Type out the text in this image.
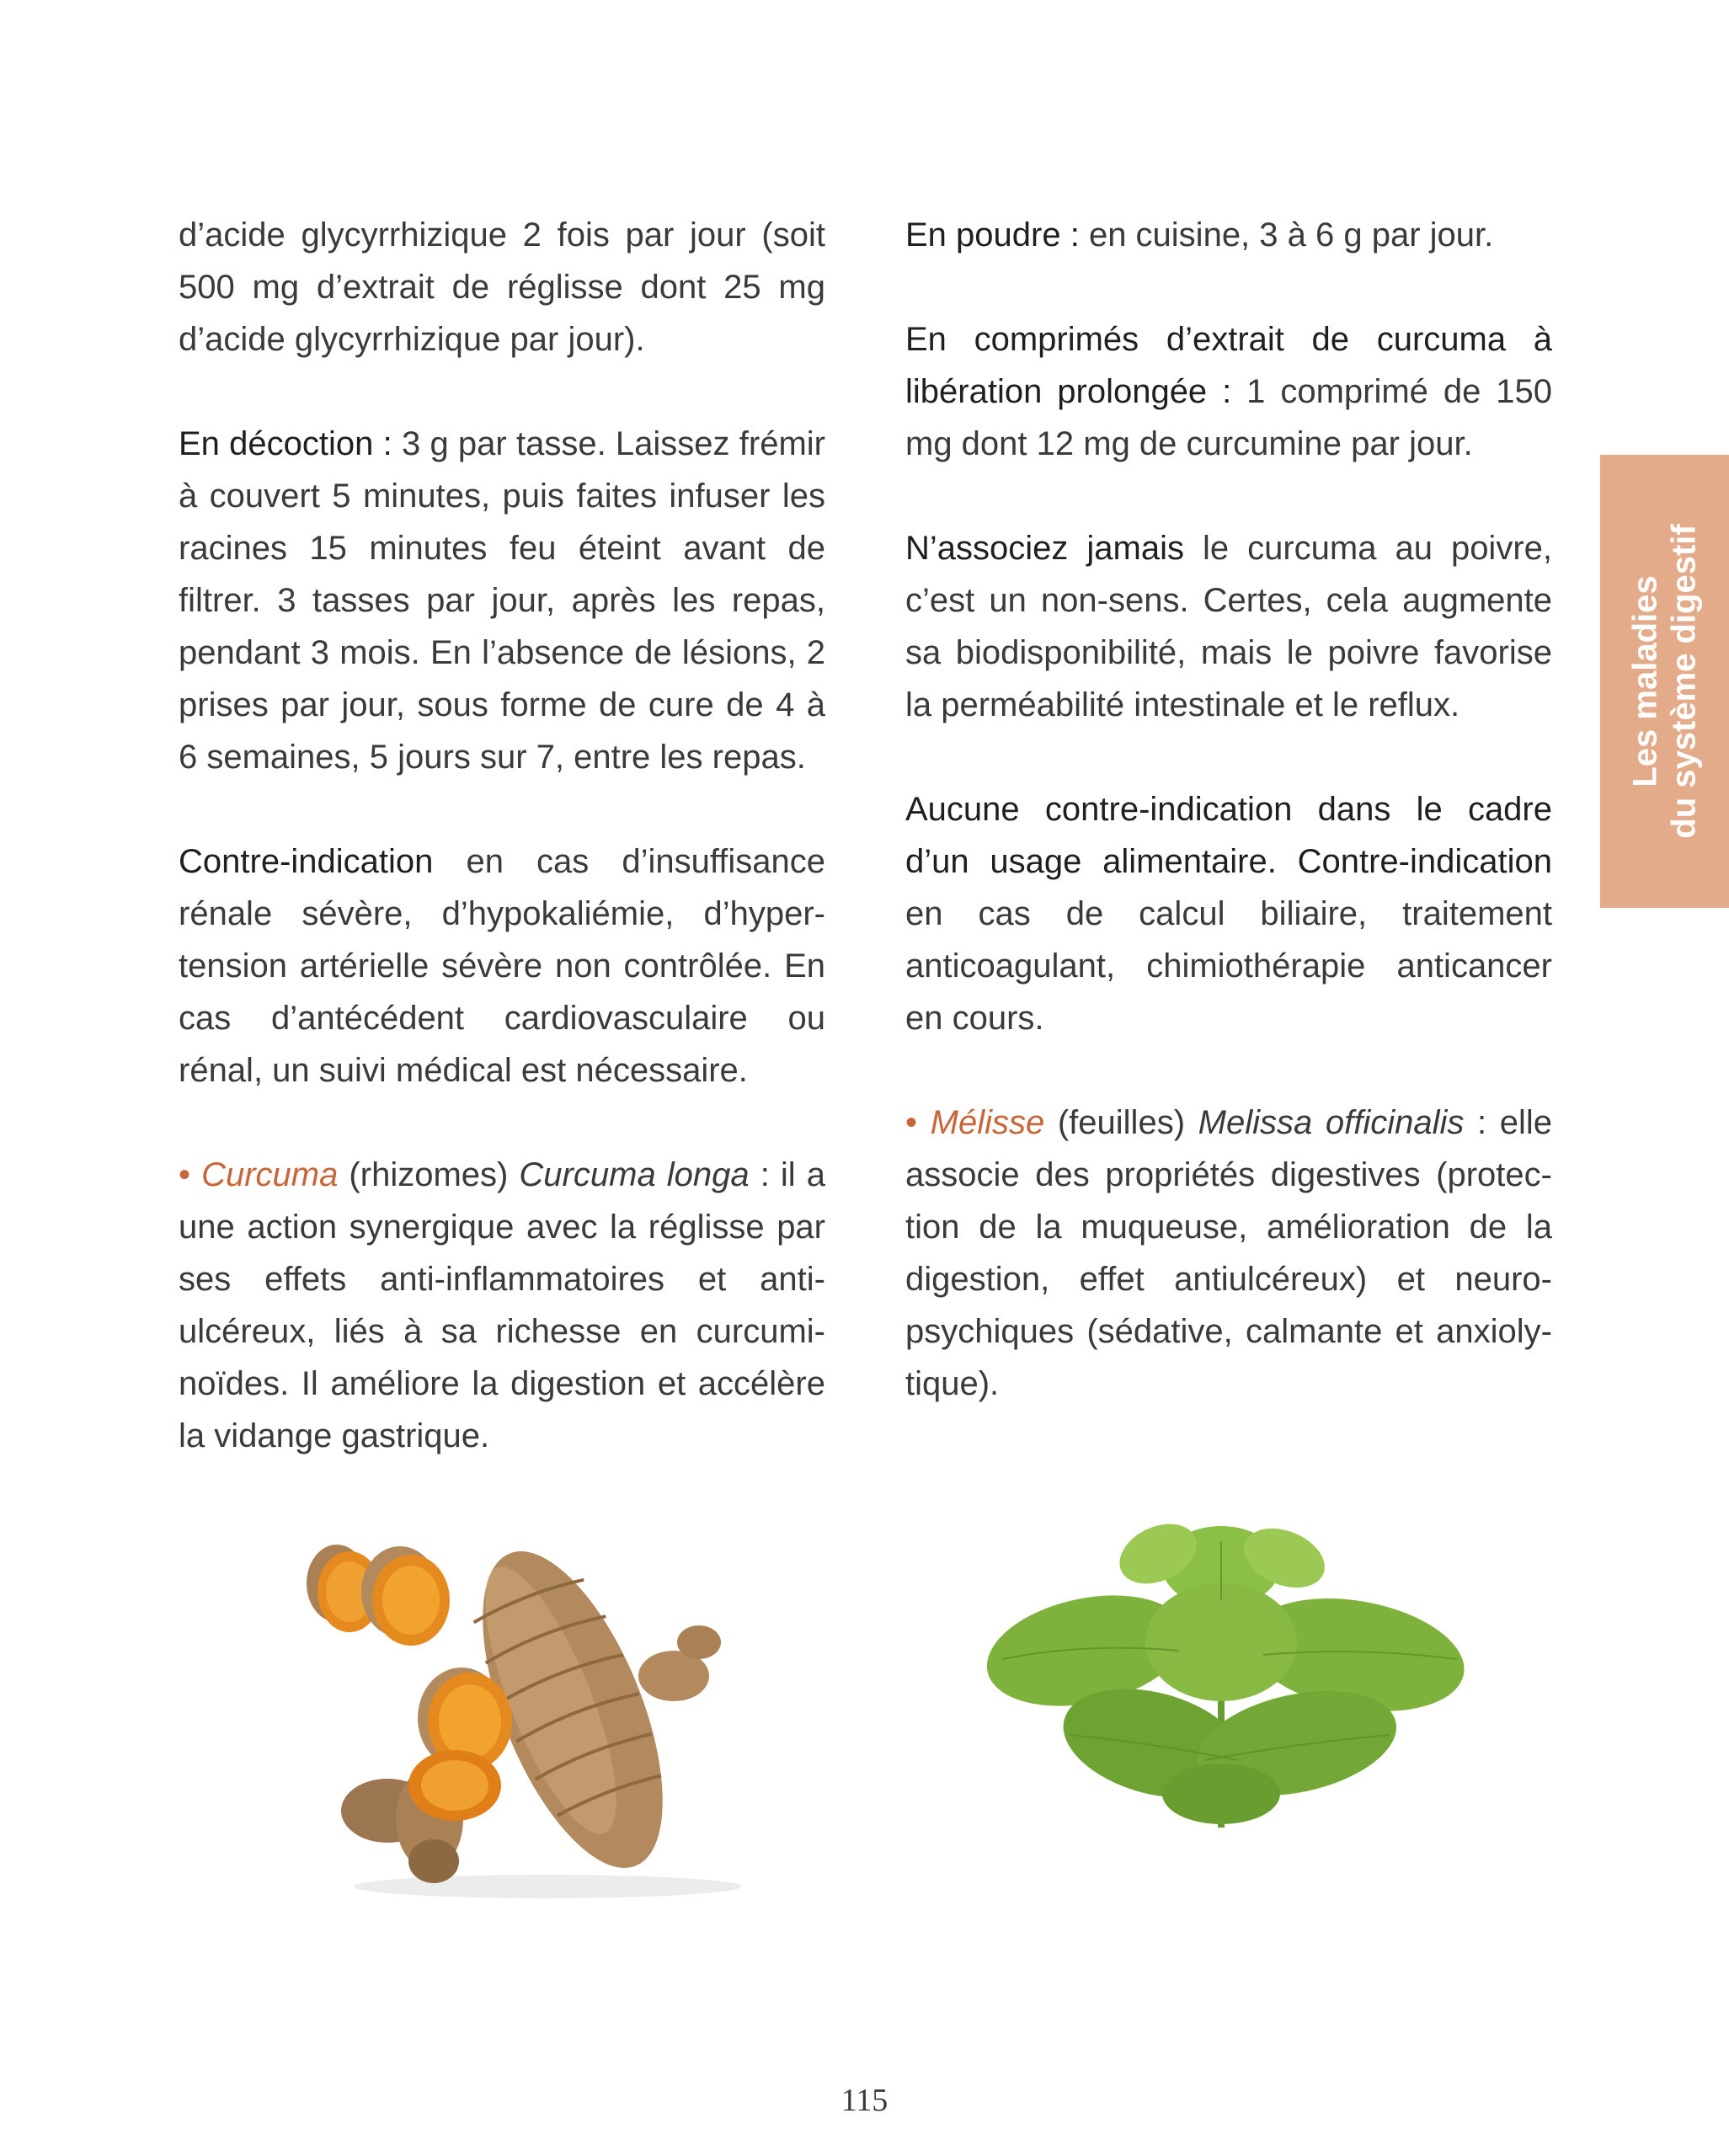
d’acide glycyrrhizique 2 fois par jour (soit 500 mg d’extrait de réglisse dont 25 mg d’acide glycyrrhizique par jour).

En décoction : 3 g par tasse. Laissez frémir à couvert 5 minutes, puis faites infuser les racines 15 minutes feu éteint avant de filtrer. 3 tasses par jour, après les repas, pendant 3 mois. En l’absence de lésions, 2 prises par jour, sous forme de cure de 4 à 6 semaines, 5 jours sur 7, entre les repas.

Contre-indication en cas d’insuffisance rénale sévère, d’hypokaliémie, d’hypertension artérielle sévère non contrôlée. En cas d’antécédent cardiovasculaire ou rénal, un suivi médical est nécessaire.

• Curcuma (rhizomes) Curcuma longa : il a une action synergique avec la réglisse par ses effets anti-inflammatoires et antiulcéreux, liés à sa richesse en curcuminoïdes. Il améliore la digestion et accélère la vidange gastrique.

En poudre : en cuisine, 3 à 6 g par jour.

En comprimés d’extrait de curcuma à libération prolongée : 1 comprimé de 150 mg dont 12 mg de curcumine par jour.

N’associez jamais le curcuma au poivre, c’est un non-sens. Certes, cela augmente sa biodisponibilité, mais le poivre favorise la perméabilité intestinale et le reflux.

Aucune contre-indication dans le cadre d’un usage alimentaire. Contre-indication en cas de calcul biliaire, traitement anticoagulant, chimiothérapie anticancer en cours.

• Mélisse (feuilles) Melissa officinalis : elle associe des propriétés digestives (protection de la muqueuse, amélioration de la digestion, effet antiulcéreux) et neuropsychiques (sédative, calmante et anxiolytique).

Les maladies du système digestif
115
